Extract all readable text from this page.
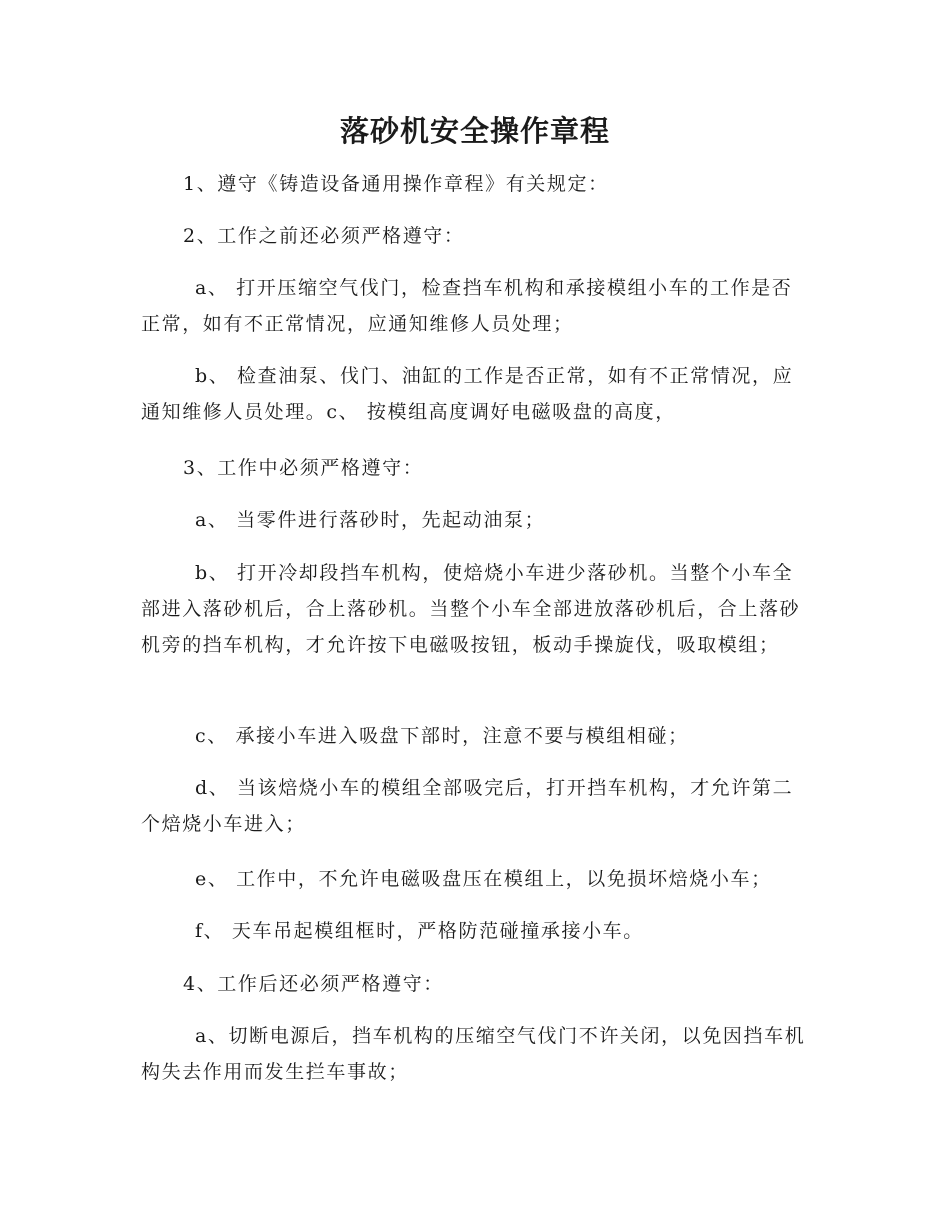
落砂机安全操作章程
1、遵守《铸造设备通用操作章程》有关规定：
2、工作之前还必须严格遵守：
a、 打开压缩空气伐门，检查挡车机构和承接模组小车的工作是否正常，如有不正常情况，应通知维修人员处理；
b、 检查油泵、伐门、油缸的工作是否正常，如有不正常情况，应通知维修人员处理。c、 按模组高度调好电磁吸盘的高度，
3、工作中必须严格遵守：
a、 当零件进行落砂时，先起动油泵；
b、 打开冷却段挡车机构，使焙烧小车进少落砂机。当整个小车全部进入落砂机后，合上落砂机。当整个小车全部进放落砂机后，合上落砂机旁的挡车机构，才允许按下电磁吸按钮，板动手操旋伐，吸取模组；
c、 承接小车进入吸盘下部时，注意不要与模组相碰；
d、 当该焙烧小车的模组全部吸完后，打开挡车机构，才允许第二个焙烧小车进入；
e、 工作中，不允许电磁吸盘压在模组上，以免损坏焙烧小车；
f、 天车吊起模组框时，严格防范碰撞承接小车。
4、工作后还必须严格遵守：
a、切断电源后，挡车机构的压缩空气伐门不许关闭，以免因挡车机构失去作用而发生拦车事故；
